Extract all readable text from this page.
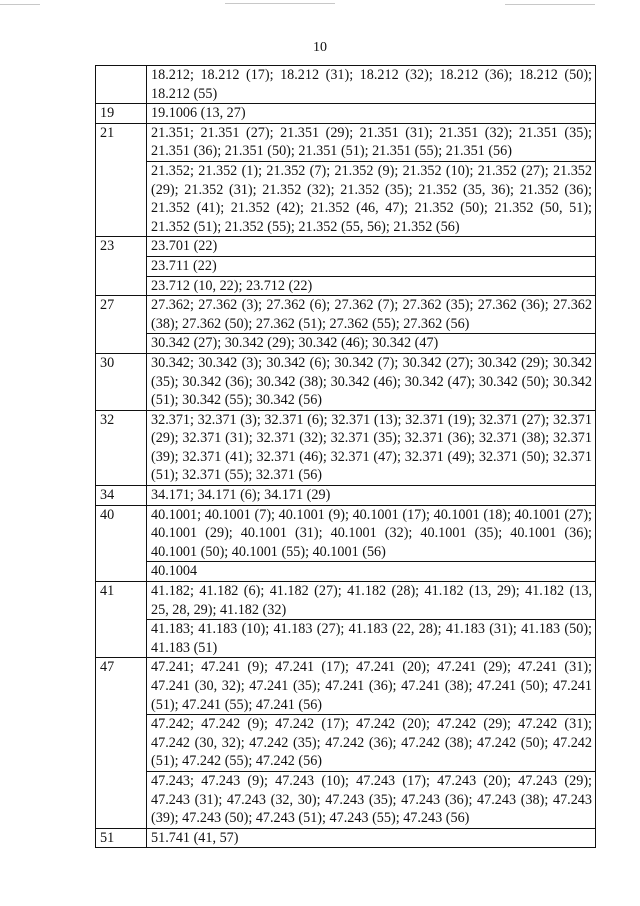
10
	18.212; 18.212 (17); 18.212 (31); 18.212 (32); 18.212 (36); 18.212 (50); 18.212 (55)
19	19.1006 (13, 27)
21	21.351; 21.351 (27); 21.351 (29); 21.351 (31); 21.351 (32); 21.351 (35); 21.351 (36); 21.351 (50); 21.351 (51); 21.351 (55); 21.351 (56)
	21.352; 21.352 (1); 21.352 (7); 21.352 (9); 21.352 (10); 21.352 (27); 21.352 (29); 21.352 (31); 21.352 (32); 21.352 (35); 21.352 (35, 36); 21.352 (36); 21.352 (41); 21.352 (42); 21.352 (46, 47); 21.352 (50); 21.352 (50, 51); 21.352 (51); 21.352 (55); 21.352 (55, 56); 21.352 (56)
23	23.701 (22)
	23.711 (22)
	23.712 (10, 22); 23.712 (22)
27	27.362; 27.362 (3); 27.362 (6); 27.362 (7); 27.362 (35); 27.362 (36); 27.362 (38); 27.362 (50); 27.362 (51); 27.362 (55); 27.362 (56)
	30.342 (27); 30.342 (29); 30.342 (46); 30.342 (47)
30	30.342; 30.342 (3); 30.342 (6); 30.342 (7); 30.342 (27); 30.342 (29); 30.342 (35); 30.342 (36); 30.342 (38); 30.342 (46); 30.342 (47); 30.342 (50); 30.342 (51); 30.342 (55); 30.342 (56)
32	32.371; 32.371 (3); 32.371 (6); 32.371 (13); 32.371 (19); 32.371 (27); 32.371 (29); 32.371 (31); 32.371 (32); 32.371 (35); 32.371 (36); 32.371 (38); 32.371 (39); 32.371 (41); 32.371 (46); 32.371 (47); 32.371 (49); 32.371 (50); 32.371 (51); 32.371 (55); 32.371 (56)
34	34.171; 34.171 (6); 34.171 (29)
40	40.1001; 40.1001 (7); 40.1001 (9); 40.1001 (17); 40.1001 (18); 40.1001 (27); 40.1001 (29); 40.1001 (31); 40.1001 (32); 40.1001 (35); 40.1001 (36); 40.1001 (50); 40.1001 (55); 40.1001 (56)
	40.1004
41	41.182; 41.182 (6); 41.182 (27); 41.182 (28); 41.182 (13, 29); 41.182 (13, 25, 28, 29); 41.182 (32)
	41.183; 41.183 (10); 41.183 (27); 41.183 (22, 28); 41.183 (31); 41.183 (50); 41.183 (51)
47	47.241; 47.241 (9); 47.241 (17); 47.241 (20); 47.241 (29); 47.241 (31); 47.241 (30, 32); 47.241 (35); 47.241 (36); 47.241 (38); 47.241 (50); 47.241 (51); 47.241 (55); 47.241 (56)
	47.242; 47.242 (9); 47.242 (17); 47.242 (20); 47.242 (29); 47.242 (31); 47.242 (30, 32); 47.242 (35); 47.242 (36); 47.242 (38); 47.242 (50); 47.242 (51); 47.242 (55); 47.242 (56)
	47.243; 47.243 (9); 47.243 (10); 47.243 (17); 47.243 (20); 47.243 (29); 47.243 (31); 47.243 (32, 30); 47.243 (35); 47.243 (36); 47.243 (38); 47.243 (39); 47.243 (50); 47.243 (51); 47.243 (55); 47.243 (56)
51	51.741 (41, 57)
